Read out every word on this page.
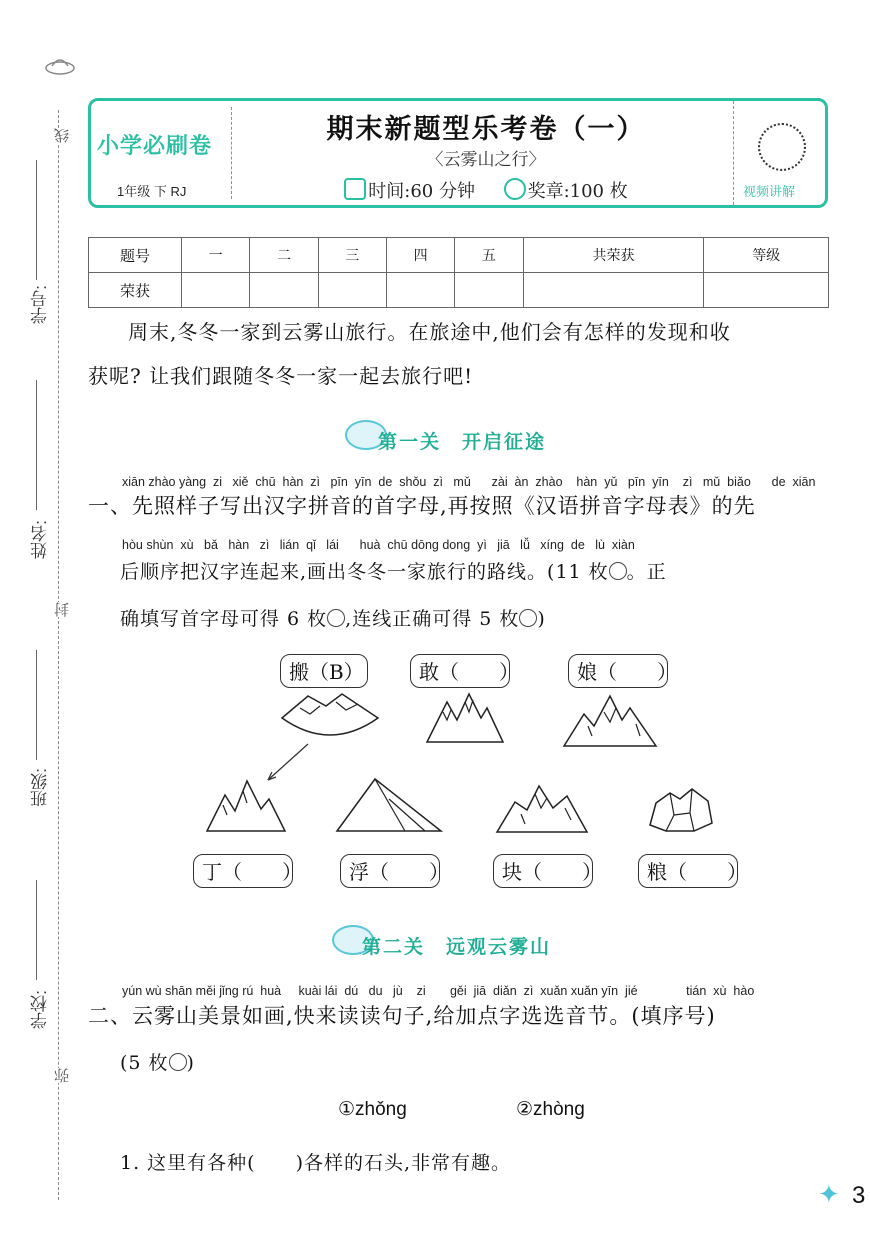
线
封
弥
学号:
姓名:
班级:
学校:
小学必刷卷
1年级 下 RJ
期末新题型乐考卷（一）
〈云雾山之行〉
时间:60 分钟	奖章:100 枚	视频讲解
题号	一	二	三	四	五	共荣获	等级
荣获							
周末,冬冬一家到云雾山旅行。在旅途中,他们会有怎样的发现和收
获呢? 让我们跟随冬冬一家一起去旅行吧!
第一关　开启征途
xiān zhào yàng  zi   xiě  chū  hàn  zì   pīn  yīn  de  shǒu  zì   mǔ      zài  àn  zhào    hàn  yǔ   pīn  yīn    zì   mǔ  biǎo      de  xiān
一、先照样子写出汉字拼音的首字母,再按照《汉语拼音字母表》的先
hòu shùn  xù   bǎ   hàn   zì   lián  qǐ   lái      huà  chū dōng dong  yì   jiā   lǚ   xíng  de   lù  xiàn
后顺序把汉字连起来,画出冬冬一家旅行的路线。(11 枚 。正
确填写首字母可得 6 枚 ,连线正确可得 5 枚 )
搬（B）	敢（　　）	娘（　　）
丁（　　）	浮（　　）	块（　　）	粮（　　）
第二关　远观云雾山
yún wù shān měi jǐng rú  huà     kuài lái  dú   du   jù    zi       gěi  jiā  diǎn  zì  xuǎn xuǎn yīn  jié              tián  xù  hào
二、云雾山美景如画,快来读读句子,给加点字选选音节。(填序号)
(5 枚 )
①zhǒng	②zhòng
1. 这里有各种(　　)各样的石头,非常有趣。
✦ 3
